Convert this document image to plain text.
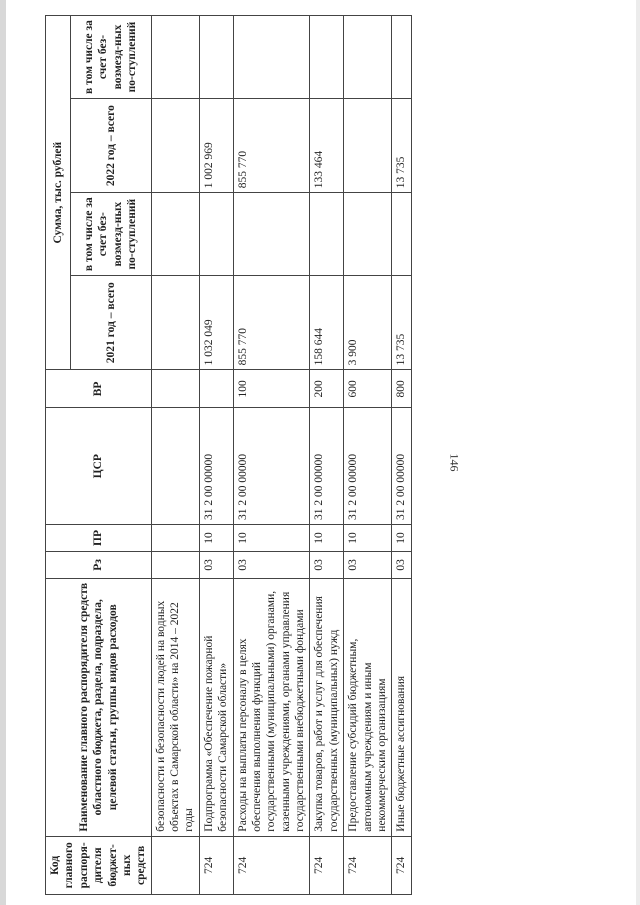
146
Код главного распоря-дителя бюджет-ных средств	Наименование главного распорядителя средств областного бюджета, раздела, подраздела, целевой статьи, группы видов расходов	Рз	ПР	ЦСР	ВР	Сумма, тыс. рублей			
						2021 год – всего	в том числе за счет без-возмезд-ных по-ступлений	2022 год – всего	в том числе за счет без-возмезд-ных по-ступлений
	безопасности и безопасности людей на водных объектах в Самарской области» на 2014 – 2022 годы								
724	Подпрограмма «Обеспечение пожарной безопасности Самарской области»	03	10	31 2 00 00000		1 032 049		1 002 969	
724	Расходы на выплаты персоналу в целях обеспечения выполнения функций государственными (муниципальными) органами, казенными учреждениями, органами управления государственными внебюджетными фондами	03	10	31 2 00 00000	100	855 770		855 770	
724	Закупка товаров, работ и услуг для обеспечения государственных (муниципальных) нужд	03	10	31 2 00 00000	200	158 644		133 464	
724	Предоставление субсидий бюджетным, автономным учреждениям и иным некоммерческим организациям	03	10	31 2 00 00000	600	3 900			
724	Иные бюджетные ассигнования	03	10	31 2 00 00000	800	13 735		13 735	
